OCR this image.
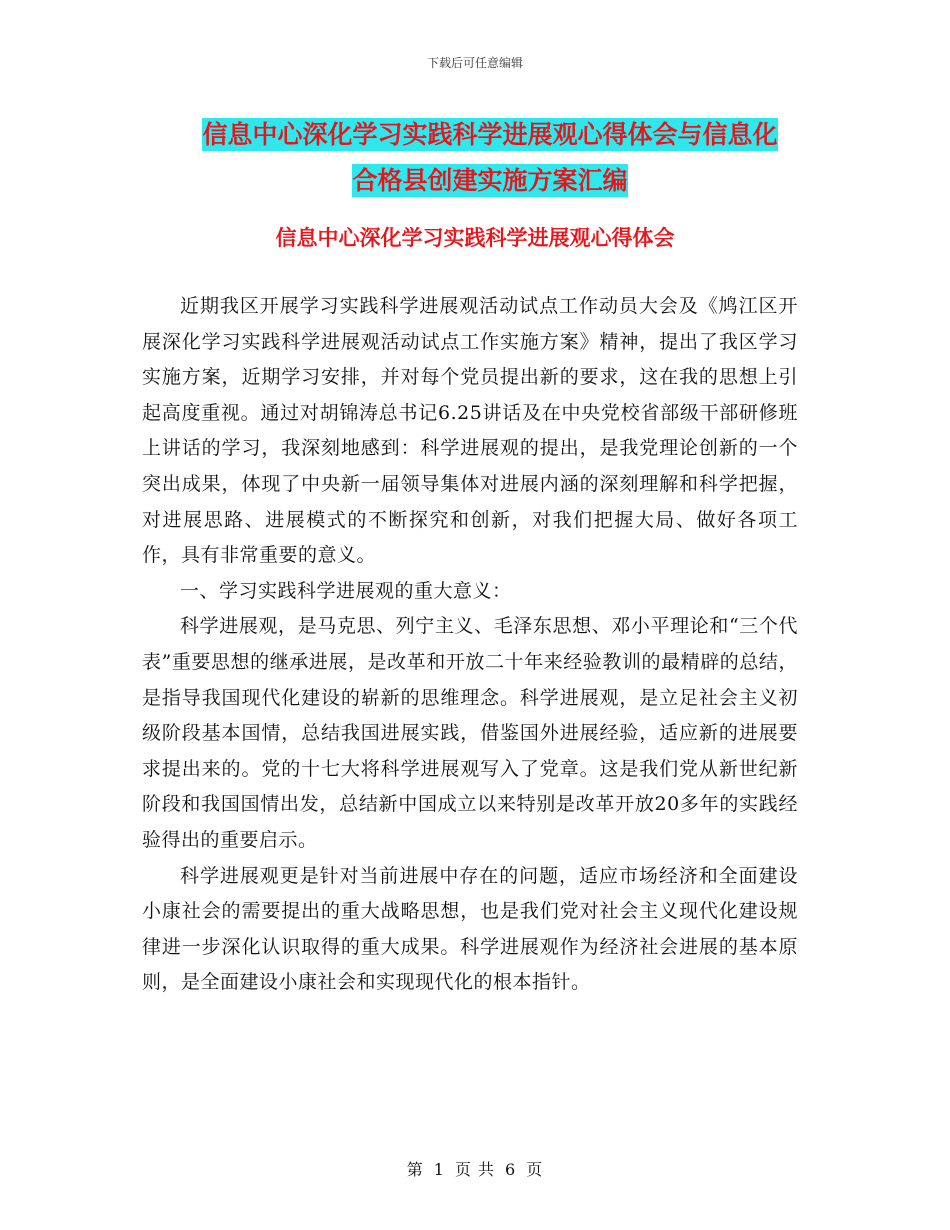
下载后可任意编辑
信息中心深化学习实践科学进展观心得体会与信息化
合格县创建实施方案汇编
信息中心深化学习实践科学进展观心得体会

近期我区开展学习实践科学进展观活动试点工作动员大会及《鸠江区开展深化学习实践科学进展观活动试点工作实施方案》精神，提出了我区学习实施方案，近期学习安排，并对每个党员提出新的要求，这在我的思想上引起高度重视。通过对胡锦涛总书记6.25讲话及在中央党校省部级干部研修班上讲话的学习，我深刻地感到：科学进展观的提出，是我党理论创新的一个突出成果，体现了中央新一届领导集体对进展内涵的深刻理解和科学把握，对进展思路、进展模式的不断探究和创新，对我们把握大局、做好各项工作，具有非常重要的意义。

一、学习实践科学进展观的重大意义：

科学进展观，是马克思、列宁主义、毛泽东思想、邓小平理论和“三个代表”重要思想的继承进展，是改革和开放二十年来经验教训的最精辟的总结，是指导我国现代化建设的崭新的思维理念。科学进展观，是立足社会主义初级阶段基本国情，总结我国进展实践，借鉴国外进展经验，适应新的进展要求提出来的。党的十七大将科学进展观写入了党章。这是我们党从新世纪新阶段和我国国情出发，总结新中国成立以来特别是改革开放20多年的实践经验得出的重要启示。

科学进展观更是针对当前进展中存在的问题，适应市场经济和全面建设小康社会的需要提出的重大战略思想，也是我们党对社会主义现代化建设规律进一步深化认识取得的重大成果。科学进展观作为经济社会进展的基本原则，是全面建设小康社会和实现现代化的根本指针。

第 1 页 共 6 页
